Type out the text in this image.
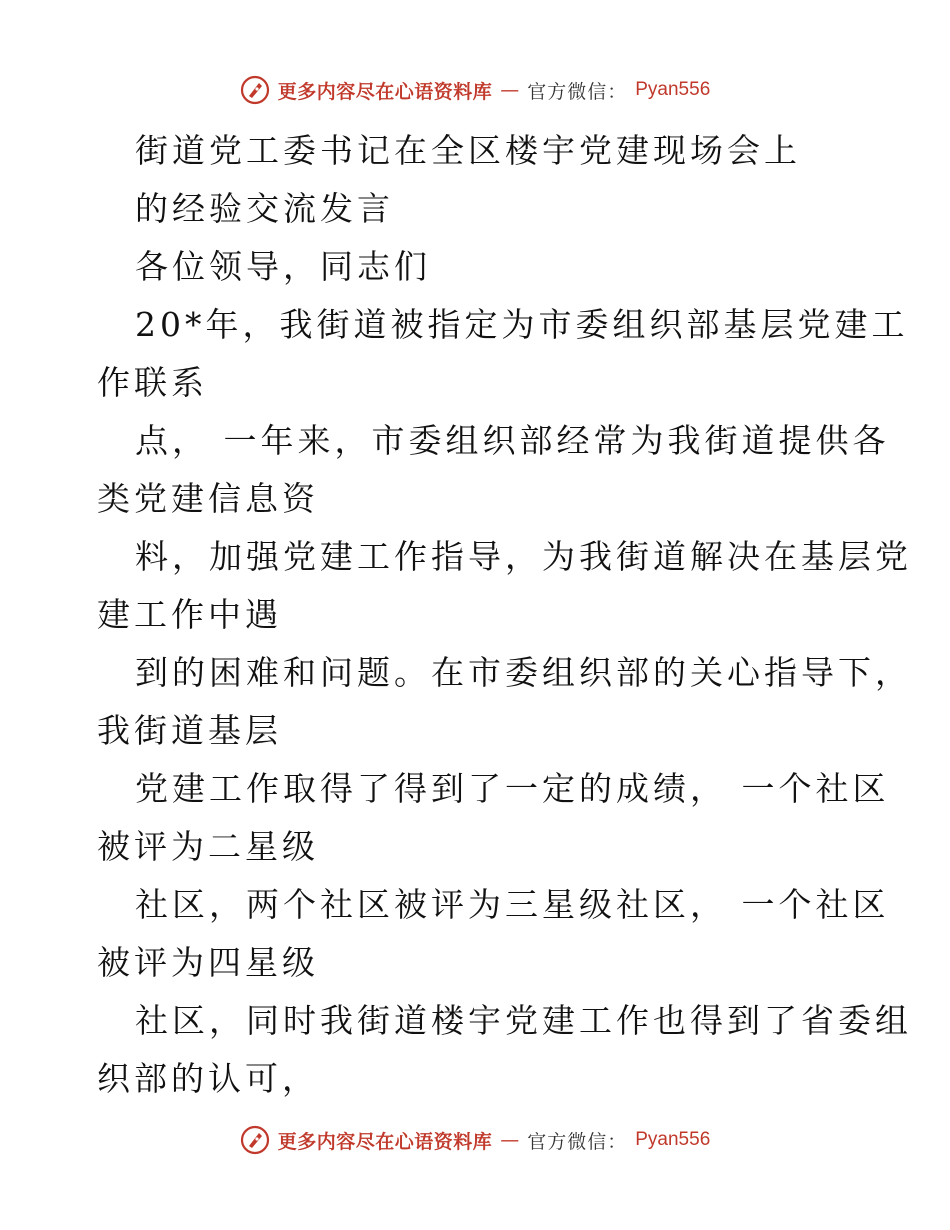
更多内容尽在心语资料库 — 官方微信： Pyan556
街道党工委书记在全区楼宇党建现场会上
的经验交流发言
各位领导，同志们
20*年，我街道被指定为市委组织部基层党建工
作联系
点， 一年来，市委组织部经常为我街道提供各
类党建信息资
料，加强党建工作指导，为我街道解决在基层党
建工作中遇
到的困难和问题。在市委组织部的关心指导下，
我街道基层
党建工作取得了得到了一定的成绩， 一个社区
被评为二星级
社区，两个社区被评为三星级社区， 一个社区
被评为四星级
社区，同时我街道楼宇党建工作也得到了省委组
织部的认可，
更多内容尽在心语资料库 — 官方微信： Pyan556
